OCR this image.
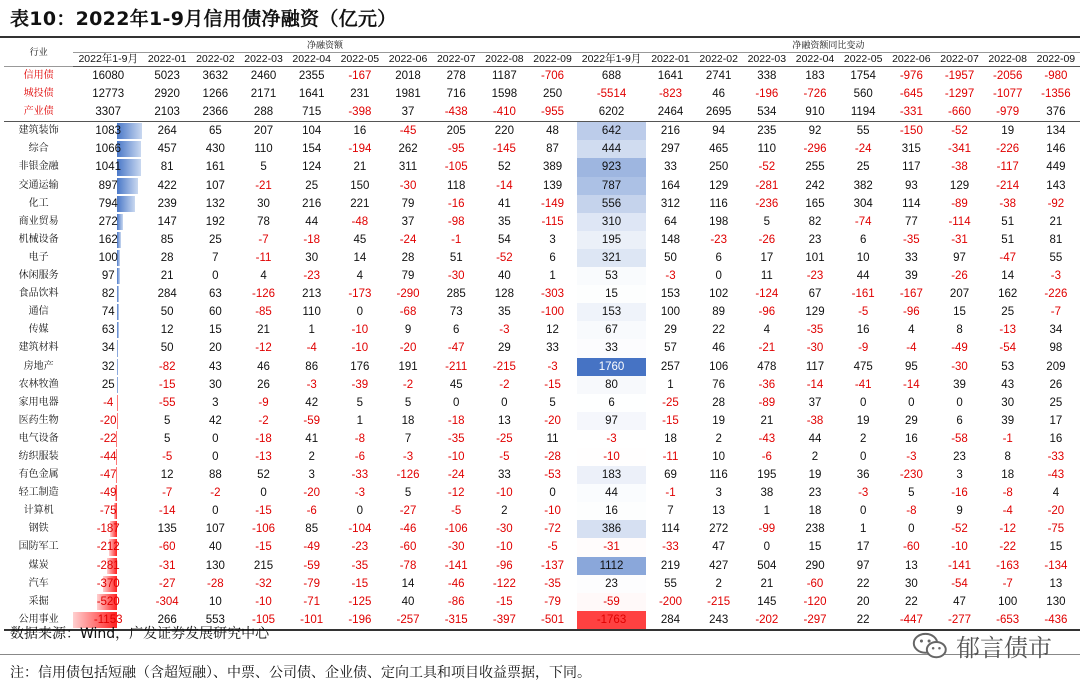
表10：2022年1-9月信用债净融资（亿元）
行业	净融资额										净融资额同比变动									
	2022年1-9月	2022-01	2022-02	2022-03	2022-04	2022-05	2022-06	2022-07	2022-08	2022-09	2022年1-9月	2022-01	2022-02	2022-03	2022-04	2022-05	2022-06	2022-07	2022-08	2022-09
信用债	16080	5023	3632	2460	2355	-167	2018	278	1187	-706	688	1641	2741	338	183	1754	-976	-1957	-2056	-980
城投债	12773	2920	1266	2171	1641	231	1981	716	1598	250	-5514	-823	46	-196	-726	560	-645	-1297	-1077	-1356
产业债	3307	2103	2366	288	715	-398	37	-438	-410	-955	6202	2464	2695	534	910	1194	-331	-660	-979	376
建筑装饰	1083	264	65	207	104	16	-45	205	220	48	642	216	94	235	92	55	-150	-52	19	134
综合	1066	457	430	110	154	-194	262	-95	-145	87	444	297	465	110	-296	-24	315	-341	-226	146
非银金融	1041	81	161	5	124	21	311	-105	52	389	923	33	250	-52	255	25	117	-38	-117	449
交通运输	897	422	107	-21	25	150	-30	118	-14	139	787	164	129	-281	242	382	93	129	-214	143
化工	794	239	132	30	216	221	79	-16	41	-149	556	312	116	-236	165	304	114	-89	-38	-92
商业贸易	272	147	192	78	44	-48	37	-98	35	-115	310	64	198	5	82	-74	77	-114	51	21
机械设备	162	85	25	-7	-18	45	-24	-1	54	3	195	148	-23	-26	23	6	-35	-31	51	81
电子	100	28	7	-11	30	14	28	51	-52	6	321	50	6	17	101	10	33	97	-47	55
休闲服务	97	21	0	4	-23	4	79	-30	40	1	53	-3	0	11	-23	44	39	-26	14	-3
食品饮料	82	284	63	-126	213	-173	-290	285	128	-303	15	153	102	-124	67	-161	-167	207	162	-226
通信	74	50	60	-85	110	0	-68	73	35	-100	153	100	89	-96	129	-5	-96	15	25	-7
传媒	63	12	15	21	1	-10	9	6	-3	12	67	29	22	4	-35	16	4	8	-13	34
建筑材料	34	50	20	-12	-4	-10	-20	-47	29	33	33	57	46	-21	-30	-9	-4	-49	-54	98
房地产	32	-82	43	46	86	176	191	-211	-215	-3	1760	257	106	478	117	475	95	-30	53	209
农林牧渔	25	-15	30	26	-3	-39	-2	45	-2	-15	80	1	76	-36	-14	-41	-14	39	43	26
家用电器	-4	-55	3	-9	42	5	5	0	0	5	6	-25	28	-89	37	0	0	0	30	25
医药生物	-20	5	42	-2	-59	1	18	-18	13	-20	97	-15	19	21	-38	19	29	6	39	17
电气设备	-22	5	0	-18	41	-8	7	-35	-25	11	-3	18	2	-43	44	2	16	-58	-1	16
纺织服装	-44	-5	0	-13	2	-6	-3	-10	-5	-28	-10	-11	10	-6	2	0	-3	23	8	-33
有色金属	-47	12	88	52	3	-33	-126	-24	33	-53	183	69	116	195	19	36	-230	3	18	-43
轻工制造	-49	-7	-2	0	-20	-3	5	-12	-10	0	44	-1	3	38	23	-3	5	-16	-8	4
计算机	-75	-14	0	-15	-6	0	-27	-5	2	-10	16	7	13	1	18	0	-8	9	-4	-20
钢铁	-187	135	107	-106	85	-104	-46	-106	-30	-72	386	114	272	-99	238	1	0	-52	-12	-75
国防军工	-212	-60	40	-15	-49	-23	-60	-30	-10	-5	-31	-33	47	0	15	17	-60	-10	-22	15
煤炭	-281	-31	130	215	-59	-35	-78	-141	-96	-137	1112	219	427	504	290	97	13	-141	-163	-134
汽车	-370	-27	-28	-32	-79	-15	14	-46	-122	-35	23	55	2	21	-60	22	30	-54	-7	13
采掘	-520	-304	10	-10	-71	-125	40	-86	-15	-79	-59	-200	-215	145	-120	20	22	47	100	130
公用事业	-1153	266	553	-105	-101	-196	-257	-315	-397	-501	-1763	284	243	-202	-297	22	-447	-277	-653	-436
数据来源：Wind，广发证券发展研究中心
注：信用债包括短融（含超短融）、中票、公司债、企业债、定向工具和项目收益票据，下同。
郁言债市
